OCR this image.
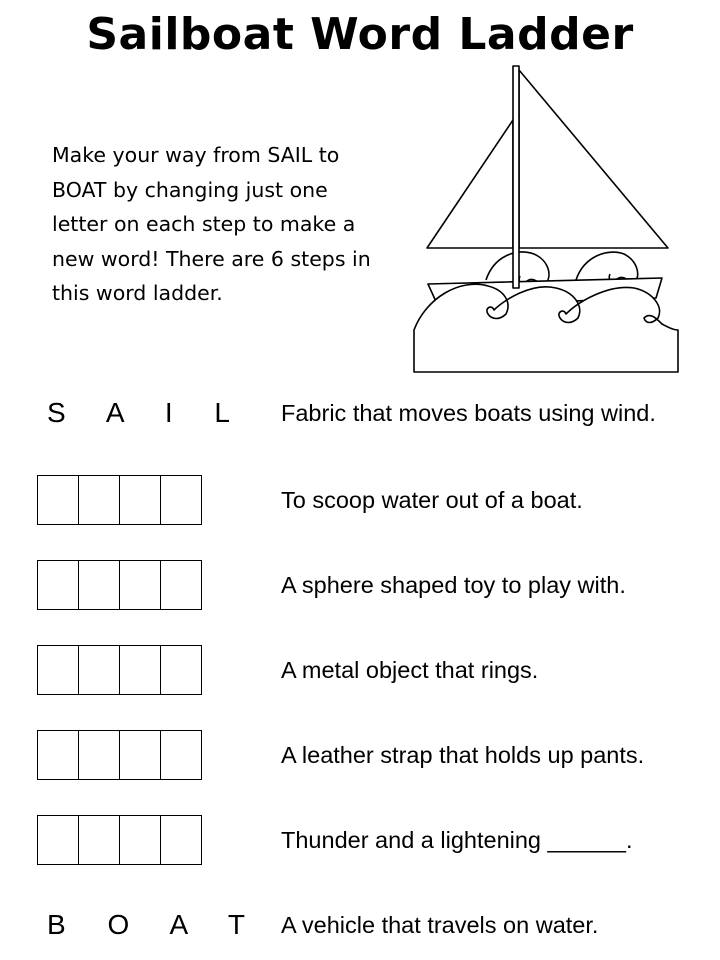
Sailboat Word Ladder
Make your way from SAIL to BOAT by changing just one letter on each step to make a new word! There are 6 steps in this word ladder.
S A I L Fabric that moves boats using wind.
To scoop water out of a boat.
A sphere shaped toy to play with.
A metal object that rings.
A leather strap that holds up pants.
Thunder and a lightening ______.
B O A T A vehicle that travels on water.
